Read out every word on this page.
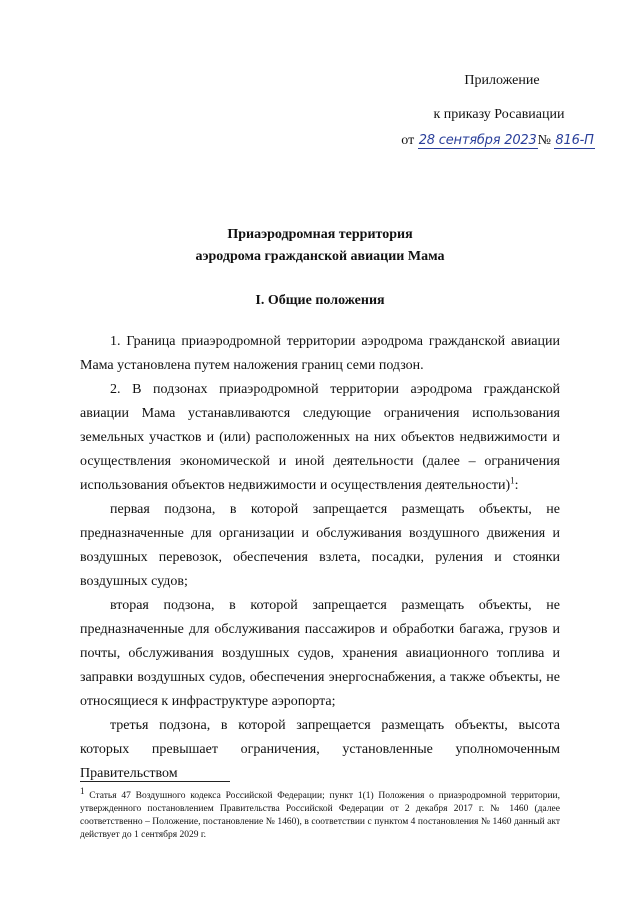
Приложение
к приказу Росавиации
от 28 сентября 2023№ 816-П
Приаэродромная территория
аэродрома гражданской авиации Мама
I. Общие положения

1. Граница приаэродромной территории аэродрома гражданской авиации Мама установлена путем наложения границ семи подзон.

2. В подзонах приаэродромной территории аэродрома гражданской авиации Мама устанавливаются следующие ограничения использования земельных участков и (или) расположенных на них объектов недвижимости и осуществления экономической и иной деятельности (далее – ограничения использования объектов недвижимости и осуществления деятельности)$^1$:

первая подзона, в которой запрещается размещать объекты, не предназначенные для организации и обслуживания воздушного движения и воздушных перевозок, обеспечения взлета, посадки, руления и стоянки воздушных судов;

вторая подзона, в которой запрещается размещать объекты, не предназначенные для обслуживания пассажиров и обработки багажа, грузов и почты, обслуживания воздушных судов, хранения авиационного топлива и заправки воздушных судов, обеспечения энергоснабжения, а также объекты, не относящиеся к инфраструктуре аэропорта;

третья подзона, в которой запрещается размещать объекты, высота которых превышает ограничения, установленные уполномоченным Правительством

$^1$ Статья 47 Воздушного кодекса Российской Федерации; пункт 1(1) Положения о приаэродромной территории, утвержденного постановлением Правительства Российской Федерации от 2 декабря 2017 г. № 1460 (далее соответственно – Положение, постановление № 1460), в соответствии с пунктом 4 постановления № 1460 данный акт действует до 1 сентября 2029 г.
